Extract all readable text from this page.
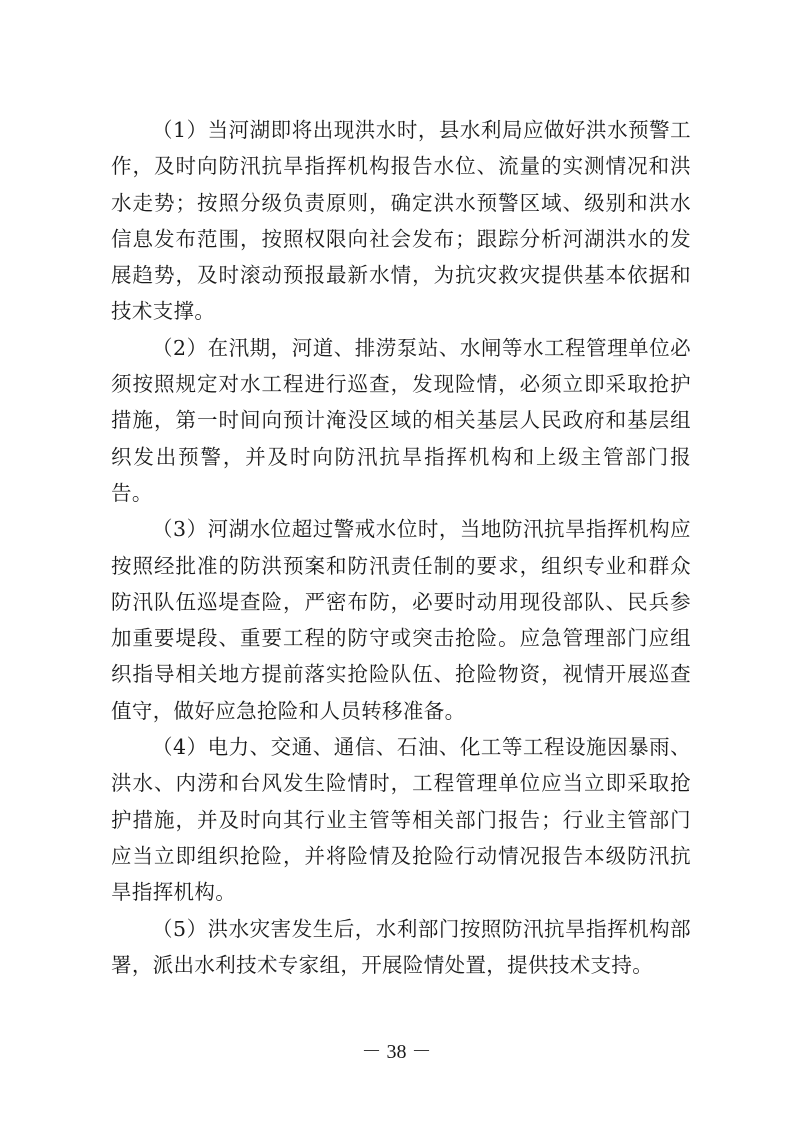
（1）当河湖即将出现洪水时，县水利局应做好洪水预警工作，及时向防汛抗旱指挥机构报告水位、流量的实测情况和洪水走势；按照分级负责原则，确定洪水预警区域、级别和洪水信息发布范围，按照权限向社会发布；跟踪分析河湖洪水的发展趋势，及时滚动预报最新水情，为抗灾救灾提供基本依据和技术支撑。

（2）在汛期，河道、排涝泵站、水闸等水工程管理单位必须按照规定对水工程进行巡查，发现险情，必须立即采取抢护措施，第一时间向预计淹没区域的相关基层人民政府和基层组织发出预警，并及时向防汛抗旱指挥机构和上级主管部门报告。

（3）河湖水位超过警戒水位时，当地防汛抗旱指挥机构应按照经批准的防洪预案和防汛责任制的要求，组织专业和群众防汛队伍巡堤查险，严密布防，必要时动用现役部队、民兵参加重要堤段、重要工程的防守或突击抢险。应急管理部门应组织指导相关地方提前落实抢险队伍、抢险物资，视情开展巡查值守，做好应急抢险和人员转移准备。

（4）电力、交通、通信、石油、化工等工程设施因暴雨、洪水、内涝和台风发生险情时，工程管理单位应当立即采取抢护措施，并及时向其行业主管等相关部门报告；行业主管部门应当立即组织抢险，并将险情及抢险行动情况报告本级防汛抗旱指挥机构。

（5）洪水灾害发生后，水利部门按照防汛抗旱指挥机构部署，派出水利技术专家组，开展险情处置，提供技术支持。

－ 38 －
